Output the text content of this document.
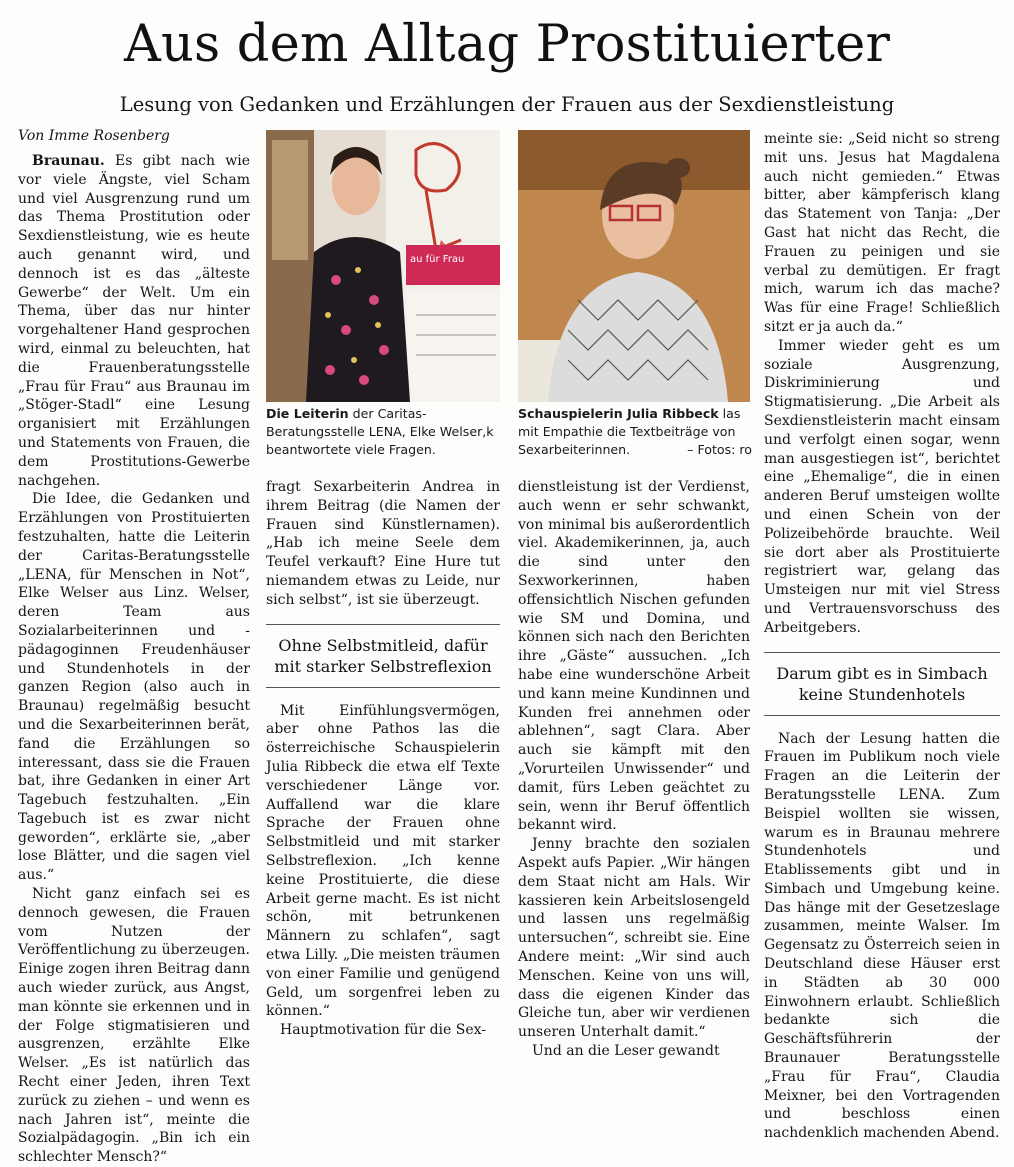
Aus dem Alltag Prostituierter
Lesung von Gedanken und Erzählungen der Frauen aus der Sexdienstleistung
Von Imme Rosenberg

Braunau. Es gibt nach wie vor viele Ängste, viel Scham und viel Ausgrenzung rund um das Thema Prostitution oder Sexdienstleistung, wie es heute auch genannt wird, und dennoch ist es das „älteste Gewerbe“ der Welt. Um ein Thema, über das nur hinter vorgehaltener Hand gesprochen wird, einmal zu beleuchten, hat die Frauenberatungsstelle „Frau für Frau“ aus Braunau im „Stöger-Stadl“ eine Lesung organisiert mit Erzählungen und Statements von Frauen, die dem Prostitutions-Gewerbe nachgehen.

Die Idee, die Gedanken und Erzählungen von Prostituierten festzuhalten, hatte die Leiterin der Caritas-Beratungsstelle „LENA, für Menschen in Not“, Elke Welser aus Linz. Welser, deren Team aus Sozialarbeiterinnen und -pädagoginnen Freudenhäuser und Stundenhotels in der ganzen Region (also auch in Braunau) regelmäßig besucht und die Sexarbeiterinnen berät, fand die Erzählungen so interessant, dass sie die Frauen bat, ihre Gedanken in einer Art Tagebuch festzuhalten. „Ein Tagebuch ist es zwar nicht geworden“, erklärte sie, „aber lose Blätter, und die sagen viel aus.“

Nicht ganz einfach sei es dennoch gewesen, die Frauen vom Nutzen der Veröffentlichung zu überzeugen. Einige zogen ihren Beitrag dann auch wieder zurück, aus Angst, man könnte sie erkennen und in der Folge stigmatisieren und ausgrenzen, erzählte Elke Welser. „Es ist natürlich das Recht einer Jeden, ihren Text zurück zu ziehen – und wenn es nach Jahren ist“, meinte die Sozialpädagogin. „Bin ich ein schlechter Mensch?“

au für Frau
Die Leiterin der Caritas-Beratungsstelle LENA, Elke Welser,k beantwortete viele Fragen.
Schauspielerin Julia Ribbeck las mit Empathie die Textbeiträge von Sexarbeiterinnen.	– Fotos: ro

fragt Sexarbeiterin Andrea in ihrem Beitrag (die Namen der Frauen sind Künstlernamen). „Hab ich meine Seele dem Teufel verkauft? Eine Hure tut niemandem etwas zu Leide, nur sich selbst“, ist sie überzeugt.

Ohne Selbstmitleid, dafür mit starker Selbstreflexion

Mit Einfühlungsvermögen, aber ohne Pathos las die österreichische Schauspielerin Julia Ribbeck die etwa elf Texte verschiedener Länge vor. Auffallend war die klare Sprache der Frauen ohne Selbstmitleid und mit starker Selbstreflexion. „Ich kenne keine Prostituierte, die diese Arbeit gerne macht. Es ist nicht schön, mit betrunkenen Männern zu schlafen“, sagt etwa Lilly. „Die meisten träumen von einer Familie und genügend Geld, um sorgenfrei leben zu können.“

Hauptmotivation für die Sex-

dienstleistung ist der Verdienst, auch wenn er sehr schwankt, von minimal bis außerordentlich viel. Akademikerinnen, ja, auch die sind unter den Sexworkerinnen, haben offensichtlich Nischen gefunden wie SM und Domina, und können sich nach den Berichten ihre „Gäste“ aussuchen. „Ich habe eine wunderschöne Arbeit und kann meine Kundinnen und Kunden frei annehmen oder ablehnen“, sagt Clara. Aber auch sie kämpft mit den „Vorurteilen Unwissender“ und damit, fürs Leben geächtet zu sein, wenn ihr Beruf öffentlich bekannt wird.

Jenny brachte den sozialen Aspekt aufs Papier. „Wir hängen dem Staat nicht am Hals. Wir kassieren kein Arbeitslosengeld und lassen uns regelmäßig untersuchen“, schreibt sie. Eine Andere meint: „Wir sind auch Menschen. Keine von uns will, dass die eigenen Kinder das Gleiche tun, aber wir verdienen unseren Unterhalt damit.“

Und an die Leser gewandt

meinte sie: „Seid nicht so streng mit uns. Jesus hat Magdalena auch nicht gemieden.“ Etwas bitter, aber kämpferisch klang das Statement von Tanja: „Der Gast hat nicht das Recht, die Frauen zu peinigen und sie verbal zu demütigen. Er fragt mich, warum ich das mache? Was für eine Frage! Schließlich sitzt er ja auch da.“

Immer wieder geht es um soziale Ausgrenzung, Diskriminierung und Stigmatisierung. „Die Arbeit als Sexdienstleisterin macht einsam und verfolgt einen sogar, wenn man ausgestiegen ist“, berichtet eine „Ehemalige“, die in einen anderen Beruf umsteigen wollte und einen Schein von der Polizeibehörde brauchte. Weil sie dort aber als Prostituierte registriert war, gelang das Umsteigen nur mit viel Stress und Vertrauensvorschuss des Arbeitgebers.

Darum gibt es in Simbach keine Stundenhotels

Nach der Lesung hatten die Frauen im Publikum noch viele Fragen an die Leiterin der Beratungsstelle LENA. Zum Beispiel wollten sie wissen, warum es in Braunau mehrere Stundenhotels und Etablissements gibt und in Simbach und Umgebung keine. Das hänge mit der Gesetzeslage zusammen, meinte Walser. Im Gegensatz zu Österreich seien in Deutschland diese Häuser erst in Städten ab 30 000 Einwohnern erlaubt. Schließlich bedankte sich die Geschäftsführerin der Braunauer Beratungsstelle „Frau für Frau“, Claudia Meixner, bei den Vortragenden und beschloss einen nachdenklich machenden Abend.
